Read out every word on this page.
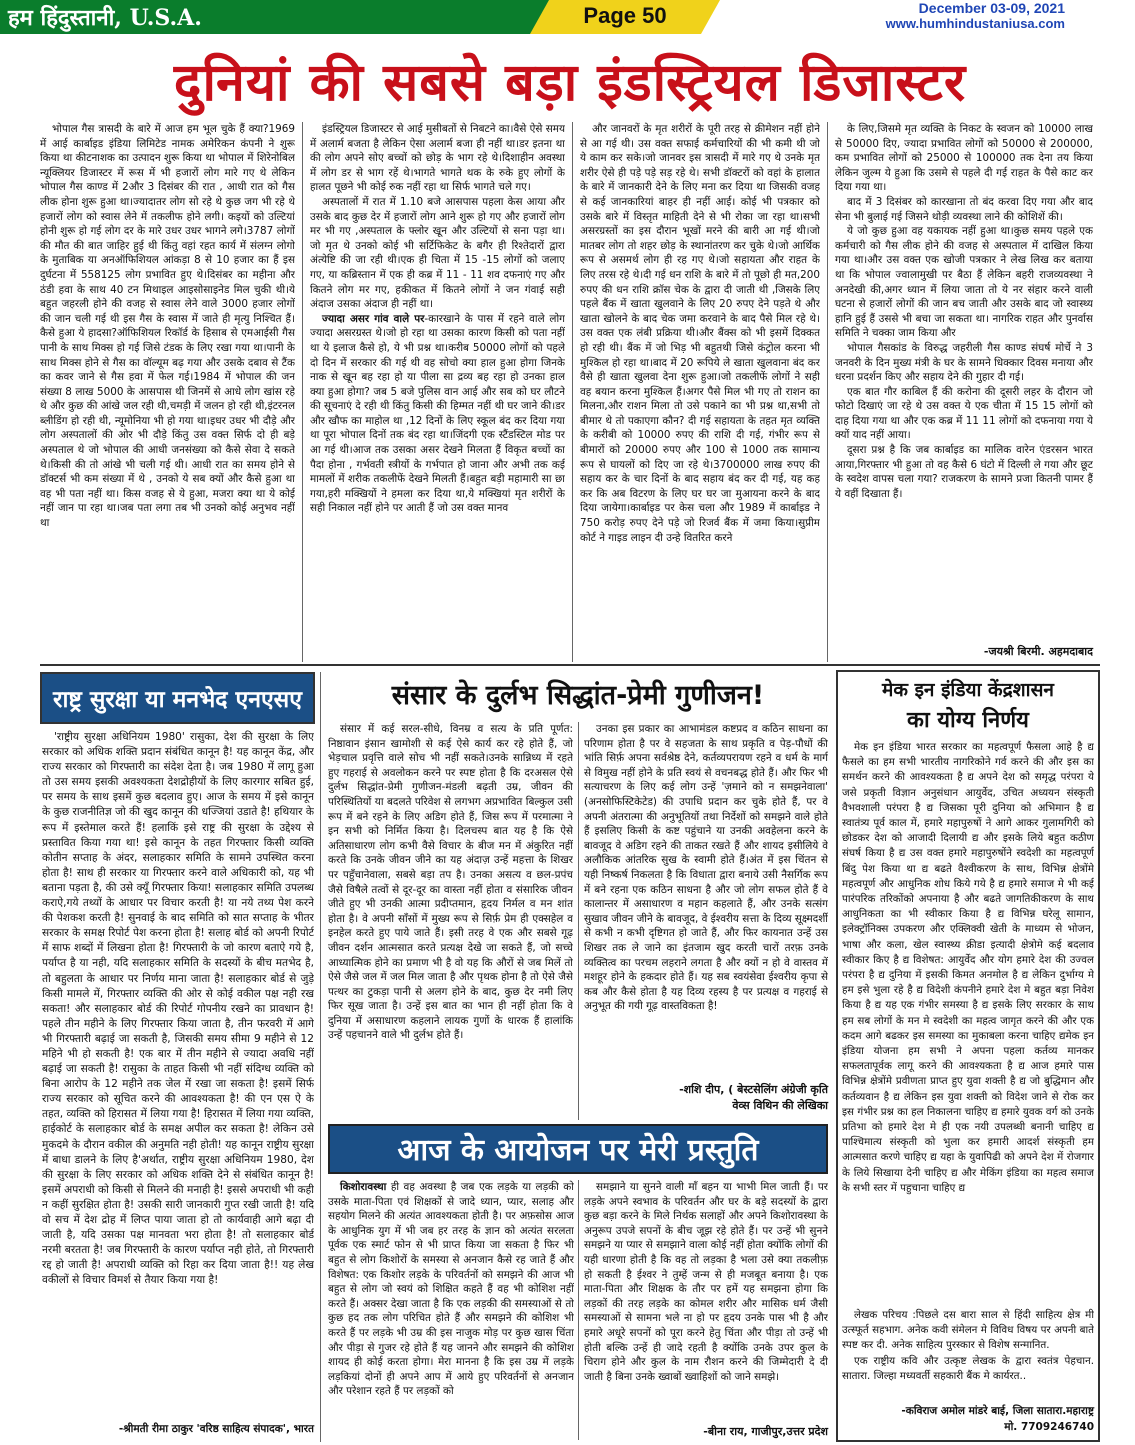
हम हिंदुस्तानी, U.S.A.	Page 50	December 03-09, 2021
www.humhindustaniusa.com
दुनियां की सबसे बड़ा इंडस्ट्रियल डिजास्टर

भोपाल गैस त्रासदी के बारे में आज हम भूल चुके हैं क्या?1969 में आई कार्बाइड इंडिया लिमिटेड नामक अमेरिकन कंपनी ने शुरू किया था कीटनाशक का उत्पादन शुरू किया था भोपाल में शिरेनोबिल न्यूक्लियर डिजास्टर में रूस में भी हजारों लोग मारे गए थे लेकिन भोपाल गैस काण्ड में 2और 3 दिसंबर की रात , आधी रात को गैस लीक होना शुरू हुआ था।ज्यादातर लोग सो रहे थे कुछ जग भी रहे थे हजारों लोग को स्वास लेने में तकलीफ होने लगी। कइयों को उल्टियां होनी शुरू हो गई लोग दर के मारे उधर उधर भागने लगे।3787 लोगों की मौत की बात जाहिर हुई थी किंतु वहां रहत कार्य में संलग्न लोगो के मुताबिक या अनऑफिशियल आंकड़ा 8 से 10 हजार का हैं इस दुर्घटना में 558125 लोग प्रभावित हुए थे।दिसंबर का महीना और ठंडी हवा के साथ 40 टन मिथाइल आइसोसाइनेड मिल चुकी थी।ये बहुत जहरली होने की वजह से स्वास लेने वाले 3000 हजार लोगों की जान चली गई थी इस गैस के स्वास में जाते ही मृत्यु निश्चित हैं। कैसे हुआ ये हादसा?ऑफिशियल रिकॉर्ड के हिसाब से एमआईसी गैस पानी के साथ मिक्स हो गई जिसे टंडक के लिए रखा गया था।पानी के साथ मिक्स होने से गैस का वॉल्यूम बढ़ गया और उसके दबाव से टैंक का कवर जाने से गैस हवा में फेल गई।1984 में भोपाल की जन संख्या 8 लाख 5000 के आसपास थी जिनमें से आधे लोग खांस रहे थे और कुछ की आंखे जल रही थी,चमड़ी में जलन हो रही थी,इंटरनल ब्लीडिंग हो रही थी, न्यूमोनिया भी हो गया था।इधर उधर भी दौड़े और लोग अस्पतालों की ओर भी दौड़े किंतु उस वक्त सिर्फ दो ही बड़े अस्पताल थे जो भोपाल की आधी जनसंख्या को कैसे सेवा दे सकते थे।किसी की तो आंखे भी चली गई थी। आधी रात का समय होने से डॉक्टर्स भी कम संख्या में थे , उनको ये सब क्यों और कैसे हुआ था वह भी पता नहीं था। किस वजह से ये हुआ, मजरा क्या था ये कोई नहीं जान पा रहा था।जब पता लगा तब भी उनको कोई अनुभव नहीं था

इंडस्ट्रियल डिजास्टर से आई मुसीबतों से निबटने का।वैसे ऐसे समय में अलार्म बजता है लेकिन ऐसा अलार्म बजा ही नहीं था।डर इतना था की लोग अपने सोए बच्चों को छोड़ के भाग रहे थे।दिशाहीन अवस्था में लोग डर से भाग रहें थे।भागते भागते थक के रुके हुए लोगों के हालत पूछने भी कोई रुक नहीं रहा था सिर्फ भागते चले गए।

अस्पतालों में रात में 1.10 बजे आसपास पहला केस आया और उसके बाद कुछ देर में हजारों लोग आने शुरू हो गए और हजारों लोग मर भी गए ,अस्पताल के फ्लोर खून और उल्टियों से सना पड़ा था। जो मृत थे उनको कोई भी सर्टिफिकेट के बगैर ही रिश्तेदारों द्वारा अंत्येष्टि की जा रही थी।एक ही चिता में 15 -15 लोगों को जलाए गए, या कब्रिस्तान में एक ही कब्र में 11 - 11 शव दफनाएं गए और कितने लोग मर गए, हकीकत में कितने लोगों ने जन गंवाई सही अंदाज उसका अंदाज ही नहीं था।

ज्यादा असर गांव वाले पर-कारखाने के पास में रहने वाले लोग ज्यादा असरग्रस्त थे।जो हो रहा था उसका कारण किसी को पता नहीं था ये इलाज कैसे हो, ये भी प्रश्न था।करीब 50000 लोगों को पहले दो दिन में सरकार की गई थी वह सोचो क्या हाल हुआ होगा जिनके नाक से खून बह रहा हो या पीला सा द्रव्य बह रहा हो उनका हाल क्या हुआ होगा? जब 5 बजे पुलिस वान आई और सब को घर लौटने की सूचनाएं दे रही थी किंतु किसी की हिम्मत नहीं थी घर जाने की।डर और खौफ का माहोल था ,12 दिनों के लिए स्कूल बंद कर दिया गया था पूरा भोपाल दिनों तक बंद रहा था।जिंदगी एक स्टैंडस्टिल मोड पर आ गई थी।आज तक उसका असर देखने मिलता हैं विकृत बच्चों का पैदा होना , गर्भवती स्त्रीयों के गर्भपात हो जाना और अभी तक कई मामलों में शरीक तकलीफें देखने मिलती हैं।बहुत बड़ी महामारी सा छा गया,हरी मक्खियों ने हमला कर दिया था,ये मक्खियां मृत शरीरों के सही निकाल नहीं होने पर आती हैं जो उस वक्त मानव

और जानवरों के मृत शरीरों के पूरी तरह से क्रीमेशन नहीं होने से आ गई थी। उस वक्त सफाई कर्मचारियों की भी कमी थी जो ये काम कर सके।जो जानवर इस त्रासदी में मारे गए थे उनके मृत शरीर ऐसे ही पड़े पड़े सड़ रहे थे। सभी डॉक्टरों को वहां के हालात के बारे में जानकारी देने के लिए मना कर दिया था जिसकी वजह से कई जानकारियां बाहर ही नहीं आई। कोई भी पत्रकार को उसके बारे में विस्तृत माहिती देने से भी रोका जा रहा था।सभी असरग्रस्तों का इस दौरान भूखों मरने की बारी आ गई थी।जो मातबर लोग तो शहर छोड़ के स्थानांतरण कर चुके थे।जो आर्थिक रूप से असमर्थ लोग ही रह गए थे।जो सहायता और राहत के लिए तरस रहे थे।दी गई धन राशि के बारे में तो पूछो ही मत,200 रुपए की धन राशि क्रॉस चेक के द्वारा दी जाती थी ,जिसके लिए पहले बैंक में खाता खुलवाने के लिए 20 रुपए देने पड़ते थे और खाता खोलने के बाद चेक जमा करवाने के बाद पैसे मिल रहे थे। उस वक्त एक लंबी प्रक्रिया थी।और बैंक्स को भी इसमें दिक्कत हो रही थी। बैंक में जो भिड़ भी बहुतथी जिसे कंट्रोल करना भी मुश्किल हो रहा था।बाद में 20 रूपिये ले खाता खुलवाना बंद कर वैसे ही खाता खुलवा देना शुरू हुआ।जो तकलीफें लोगों ने सही वह बयान करना मुश्किल हैं।अगर पैसे मिल भी गए तो राशन का मिलना,और राशन मिला तो उसे पकाने का भी प्रश्न था,सभी तो बीमार थे तो पकाएगा कौन? दी गई सहायता के तहत मृत व्यक्ति के करीबी को 10000 रुपए की राशि दी गई, गंभीर रूप से बीमारों को 20000 रुपए और 100 से 1000 तक सामान्य रूप से घायलों को दिए जा रहे थे।3700000 लाख रुपए की सहाय कर के चार दिनों के बाद सहाय बंद कर दी गई, यह कह कर कि अब विटरण के लिए घर घर जा मुआयना करने के बाद दिया जायेगा।कार्बाइड पर केस चला और 1989 में कार्बाइड ने 750 करोड़ रुपए देने पड़े जो रिजर्व बैंक में जमा किया।सुप्रीम कोर्ट ने गाइड लाइन दी उन्हे वितरित करने

के लिए,जिसमे मृत व्यक्ति के निकट के स्वजन को 10000 लाख से 50000 दिए, ज्यादा प्रभावित लोगों को 50000 से 200000, कम प्रभावित लोगों को 25000 से 100000 तक देना तय किया लेकिन जुल्म ये हुआ कि उसमे से पहले दी गई राहत के पैसे काट कर दिया गया था।

बाद में 3 दिसंबर को कारखाना तो बंद करवा दिए गया और बाद सेना भी बुलाई गई जिसने थोड़ी व्यवस्था लाने की कोशिशें की।

ये जो कुछ हुआ वह यकायक नहीं हुआ था।कुछ समय पहले एक कर्मचारी को गैस लीक होने की वजह से अस्पताल में दाखिल किया गया था।और उस वक्त एक खोजी पत्रकार ने लेख लिख कर बताया था कि भोपाल ज्वालामुखी पर बैठा हैं लेकिन बहरी राजव्यवस्था ने अनदेखी की,अगर ध्यान में लिया जाता तो ये नर संहार करने वाली घटना से हजारों लोगों की जान बच जाती और उसके बाद जो स्वास्थ्य हानि हुई हैं उससे भी बचा जा सकता था। नागरिक राहत और पुनर्वास समिति ने चक्का जाम किया और

भोपाल गैसकांड के विरुद्ध जहरीली गैस काण्ड संघर्ष मोर्चे ने 3 जनवरी के दिन मुख्य मंत्री के घर के सामने धिक्कार दिवस मनाया और धरना प्रदर्शन किए और सहाय देने की गुहार दी गई।

एक बात गौर काबिल हैं की करोना की दूसरी लहर के दौरान जो फोटो दिखाएं जा रहे थे उस वक्त ये एक चीता में 15 15 लोगों को दाह दिया गया था और एक कब्र में 11 11 लोगों को दफनाया गया ये क्यों याद नहीं आया।

दूसरा प्रश्न है कि जब कार्बाइड का मालिक वारेन एंडरसन भारत आया,गिरफ्तार भी हुआ तो वह कैसे 6 घंटो में दिल्ली ले गया और छूट के स्वदेश वापस चला गया? राजकरण के सामने प्रजा कितनी पामर हैं ये वहीं दिखाता हैं।

-जयश्री बिरमी. अहमदाबाद
राष्ट्र सुरक्षा या मनभेद एनएसए

'राष्ट्रीय सुरक्षा अधिनियम 1980' रासुका, देश की सुरक्षा के लिए सरकार को अधिक शक्ति प्रदान संबंधित कानून है! यह कानून केंद्र, और राज्य सरकार को गिरफ्तारी का संदेश देता है। जब 1980 में लागू हुआ तो उस समय इसकी अवश्यकता देशद्रोहीयों के लिए कारगार सबित हुई, पर समय के साथ इसमें कुछ बदलाव हुए। आज के समय में इसे कानून के कुछ राजनीतिज्ञ जो की खुद कानून की धज्जियां उडाते है! हथियार के रूप में इस्तेमाल करते हैं! हलाकिं इसे राष्ट्र की सुरक्षा के उद्देश्य से प्रस्तावित किया गया था! इसे कानून के तहत गिरफ्तार किसी व्यक्ति कोतीन सप्ताह के अंदर, सलाहकार समिति के सामने उपस्थित करना होता है! साथ ही सरकार या गिरफ्तार करने वाले अधिकारी को, यह भी बताना पड़ता है, की उसे क्यूँ गिरफ्तार किया! सलाहकार समिति उपलब्ध कराऐ,गये तथ्यों के आधार पर विचार करती है! या नये तथ्य पेश करने की पेशकश करती है! सुनवाई के बाद समिति को सात सप्ताह के भीतर सरकार के समक्ष रिपोर्ट पेश करना होता है! सलाह बोर्ड को अपनी रिपोर्ट में साफ शब्दों में लिखना होता है! गिरफ्तारी के जो कारण बताऐ गये है, पर्याप्त है या नही, यदि सलाहकार समिति के सदस्यों के बीच मतभेद है, तो बहुलता के आधार पर निर्णय माना जाता है! सलाहकार बोर्ड से जुड़े किसी मामले में, गिरफ्तार व्यक्ति की ओर से कोई वकील पक्ष नही रख सकता! और सलाहकार बोर्ड की रिपोर्ट गोपनीय रखने का प्रावधान है! पहले तीन महीने के लिए गिरफ्तार किया जाता है, तीन फरवरी में आगे भी गिरफ्तारी बढ़ाई जा सकती है, जिसकी समय सीमा 9 महीने से 12 महिने भी हो सकती है! एक बार में तीन महीने से ज्यादा अवधि नहीं बढ़ाई जा सकती है! रासुका के ताहत किसी भी नहीं संदिग्ध व्यक्ति को बिना आरोप के 12 महीने तक जेल में रखा जा सकता है! इसमें सिर्फ राज्य सरकार को सूचित करने की आवश्यकता है! की एन एस ऐ के तहत, व्यक्ति को हिरासत में लिया गया है! हिरासत में लिया गया व्यक्ति, हाईकोर्ट के सलाहकार बोर्ड के समक्ष अपील कर सकता है! लेकिन उसे मुकदमे के दौरान वकील की अनुमति नही होती! यह कानून राष्ट्रीय सुरक्षा में बाधा डालने के लिए है'अर्थात, राष्ट्रीय सुरक्षा अधिनियम 1980, देश की सुरक्षा के लिए सरकार को अधिक शक्ति देने से संबंधित कानून है! इसमें अपराधी को किसी से मिलने की मनाही है! इससे अपराधी भी कही न कहीं सुरक्षित होता है! उसकी सारी जानकारी गुप्त रखी जाती है! यदि वो सच में देश द्रोह में लिप्त पाया जाता हो तो कार्यवाही आगे बढ़ा दी जाती है, यदि उसका पक्ष मानवता भरा होता है! तो सलाहकार बोर्ड नरमी बरतता है! जब गिरफ्तारी के कारण पर्याप्त नही होते, तो गिरफ्तारी रद्द हो जाती है! अपराधी व्यक्ति को रिहा कर दिया जाता है!! यह लेख वकीलों से विचार विमर्श से तैयार किया गया है!

-श्रीमती रीमा ठाकुर 'वरिष्ठ साहित्य संपादक', भारत
संसार के दुर्लभ सिद्धांत-प्रेमी गुणीजन!

संसार में कई सरल-सीधे, विनम्र व सत्य के प्रति पूर्णत: निष्ठावान इंसान खामोशी से कई ऐसे कार्य कर रहे होते हैं, जो भेड़चाल प्रवृत्ति वाले सोच भी नहीं सकते।उनके सान्निध्य में रहते हुए गहराई से अवलोकन करने पर स्पष्ट होता है कि दरअसल ऐसे दुर्लभ सिद्धांत-प्रेमी गुणीजन-मंडली बढ़ती उम्र, जीवन की परिस्थितियों या बदलते परिवेश से लगभग अप्रभावित बिल्कुल उसी रूप में बने रहने के लिए अडिग होते हैं, जिस रूप में परमात्मा ने इन सभी को निर्मित किया है। दिलचस्प बात यह है कि ऐसे अतिसाधारण लोग कभी वैसे विचार के बीज मन में अंकुरित नहीं करते कि उनके जीवन जीने का यह अंदाज़ उन्हें महत्ता के शिखर पर पहुँचानेवाला, सबसे बड़ा तप है। उनका असत्य व छल-प्रपंच जैसे विषैले तत्वों से दूर-दूर का वास्ता नहीं होता व संसारिक जीवन जीते हुए भी उनकी आत्मा प्रदीप्तमान, हृदय निर्मल व मन शांत होता है। वे अपनी साँसों में मुख्य रूप से सिर्फ़ प्रेम ही एक्सहेल व इनहेल करते हुए पाये जाते हैं। इसी तरह वे एक और सबसे गूढ़ जीवन दर्शन आत्मसात करते प्रत्यक्ष देखे जा सकते हैं, जो सच्चे आध्यात्मिक होने का प्रमाण भी है वो यह कि औरों से जब मिलें तो ऐसे जैसे जल में जल मिल जाता है और पृथक होना है तो ऐसे जैसे पत्थर का टुकड़ा पानी से अलग होने के बाद, कुछ देर नमी लिए फिर सूख जाता है। उन्हें इस बात का भान ही नहीं होता कि वे दुनिया में असाधारण कहलाने लायक गुणों के धारक हैं हालांकि उन्हें पहचानने वाले भी दुर्लभ होते हैं।

उनका इस प्रकार का आभामंडल कष्टप्रद व कठिन साधना का परिणाम होता है पर वे सहजता के साथ प्रकृति व पेड़-पौधों की भांति सिर्फ़ अपना सर्वश्रेष्ठ देने, कर्तव्यपरायण रहने व धर्म के मार्ग से विमुख नहीं होने के प्रति स्वयं से वचनबद्ध होते हैं। और फिर भी सत्याचरण के लिए कई लोग उन्हें 'ज़माने को न समझनेवाला' (अनसोफिस्टिकेटेड) की उपाधि प्रदान कर चुके होते हैं, पर वे अपनी अंतरात्मा की अनुभूतियों तथा निर्देशों को समझने वाले होते हैं इसलिए किसी के कष्ट पहुंचाने या उनकी अवहेलना करने के बावजूद वे अडिग रहने की ताकत रखते हैं और शायद इसीलिये वे अलौकिक आंतरिक सुख के स्वामी होते हैं।अंत में इस चिंतन से यही निष्कर्ष निकलता है कि विधाता द्वारा बनाये उसी नैसर्गिक रूप में बने रहना एक कठिन साधना है और जो लोग सफल होते हैं वे कालान्तर में असाधारण व महान कहलाते हैं, और उनके सत्संग सुखाव जीवन जीने के बावजूद, वे ईश्वरीय सत्ता के दिव्य सूक्ष्मदर्शी से कभी न कभी दृष्टिगत हो जाते हैं, और फिर कायनात उन्हें उस शिखर तक ले जाने का इंतजाम खुद करती चारों तरफ़ उनके व्यक्तित्व का परचम लहराने लगता है और क्यों न हो वे वास्तव में मशहूर होने के हकदार होते हैं। यह सब स्वयंसेवा ईश्वरीय कृपा से कब और कैसे होता है यह दिव्य रहस्य है पर प्रत्यक्ष व गहराई से अनुभूत की गयी गूढ़ वास्तविकता है!

-शशि दीप, ( बेस्टसेलिंग अंग्रेजी कृति
वेव्स विथिन की लेखिका
आज के आयोजन पर मेरी प्रस्तुति

किशोरावस्था ही वह अवस्था है जब एक लड़के या लड़की को उसके माता-पिता एवं शिक्षकों से जादे ध्यान, प्यार, सलाह और सहयोग मिलने की अत्यंत आवश्यकता होती है। पर अफ़सोस आज के आधुनिक युग में भी जब हर तरह के ज्ञान को अत्यंत सरलता पूर्वक एक स्मार्ट फोन से भी प्राप्त किया जा सकता है फिर भी बहुत से लोग किशोरों के समस्या से अनजान कैसे रह जाते हैं और विशेषत: एक किशोर लड़के के परिवर्तनों को समझने की आज भी बहुत से लोग जो स्वयं को शिक्षित कहते हैं वह भी कोशिश नहीं करते हैं। अक्सर देखा जाता है कि एक लड़की की समस्याओं से तो कुछ हद तक लोग परिचित होते हैं और समझने की कोशिश भी करते हैं पर लड़के भी उम्र की इस नाजुक मोड़ पर कुछ खास चिंता और पीड़ा से गुजर रहे होते हैं यह जानने और समझने की कोशिश शायद ही कोई करता होगा। मेरा मानना है कि इस उम्र में लड़के लड़कियां दोनों ही अपने आप में आये हुए परिवर्तनों से अनजान और परेशान रहते हैं पर लड़कों को

समझाने या सुनने वाली माँ बहन या भाभी मिल जाती हैं। पर लड़के अपने स्वभाव के परिवर्तन और घर के बड़े सदस्यों के द्वारा कुछ बड़ा करने के मिले निर्थक सलाहों और अपने किशोरावस्था के अनुरूप उपजे सपनों के बीच जूझ रहे होते हैं। पर उन्हें भी सुनने समझने या प्यार से समझाने वाला कोई नहीं होता क्योंकि लोगों की यही धारणा होती है कि वह तो लड़का है भला उसे क्या तकलीफ़ हो सकती है ईश्वर ने तुम्हें जन्म से ही मजबूत बनाया है। एक माता-पिता और शिक्षक के तौर पर हमें यह समझना होगा कि लड़कों की तरह लड़के का कोमल शरीर और मासिक धर्म जैसी समस्याओं से सामना भले ना हो पर हृदय उनके पास भी है और हमारे अधूरे सपनों को पूरा करने हेतु चिंता और पीड़ा तो उन्हें भी होती बल्कि उन्हें ही जादे रहती है क्योंकि उनके उपर कुल के चिराग होने और कुल के नाम रौशन करने की जिम्मेदारी दे दी जाती है बिना उनके ख्वाबों ख्वाहिशों को जाने समझे।

-बीना राय, गाजीपुर,उत्तर प्रदेश
मेक इन इंडिया केंद्रशासन
का योग्य निर्णय

मेक इन इंडिया भारत सरकार का महत्वपूर्ण फैसला आहे है द्य फैसले का हम सभी भारतीय नागरिकोने गर्व करने की और इस का समर्थन करने की आवश्यकता है द्य अपने देश को समृद्ध परंपरा ये जसे प्रकृती विज्ञान अनुसंधान आयुर्वेद, उचित अध्ययन संस्कृती वैभवशाली परंपरा है द्य जिसका पूरी दुनिया को अभिमान है द्य स्वातंत्र्य पूर्व काल में, हमारे महापुरुषों ने आगे आकर गुलामगिरी को छोडकर देश को आजादी दिलायी द्य और इसके लिये बहुत कठीण संघर्ष किया है द्य उस वक्त हमारे महापुरुषोंने स्वदेशी का महत्वपूर्ण बिंदु पेश किया था द्य बढते वैश्वीकरण के साथ, विभिन्न क्षेत्रोंमे महत्वपूर्ण और आधुनिक शोध किये गये है द्य हमारे समाज मे भी कई पारंपरिक तरिकोंको अपनाया है और बढते जागतिकीकरण के साथ आधुनिकता का भी स्वीकार किया है द्य विभिन्न घरेलू सामान, इलेक्ट्रॉनिक्स उपकरण और एक्लिक्वी खेती के माध्यम से भोजन, भाषा और कला, खेल स्वास्थ्य क्रीडा इत्यादी क्षेत्रोमे कई बदलाव स्वीकार किए है द्य विशेषत: आयुर्वेद और योग हमारे देश की उज्वल परंपरा है द्य दुनिया में इसकी किमत अनमोल है द्य लेकिन दुर्भाग्य मे हम इसे भुला रहे है द्य विदेशी कंपनीने हमारे देश मे बहुत बड़ा निवेश किया है द्य यह एक गंभीर समस्या है द्य इसके लिए सरकार के साथ हम सब लोगों के मन मे स्वदेशी का महत्व जागृत करने की और एक कदम आगे बढकर इस समस्या का मुकाबला करना चाहिए द्यमेक इन इंडिया योजना हम सभी ने अपना पहला कर्तव्य मानकर सफलतापूर्वक लागू करने की आवश्यकता है द्य आज हमारे पास विभिन्न क्षेत्रोंमे प्रवीणता प्राप्त हुए युवा शक्ती है द्य जो बुद्धिमान और कर्तव्यवान है द्य लेकिन इस युवा शक्ती को विदेश जाने से रोक कर इस गंभीर प्रश्न का हल निकालना चाहिए द्य हमारे युवक वर्ग को उनके प्रतिभा को हमारे देश मे ही एक नयी उपलब्धी बनानी चाहिए द्य पाश्चिमात्य संस्कृती को भुला कर हमारी आदर्श संस्कृती हम आत्मसात करणे चाहिए द्य यहा के युवापिढी को अपने देश में रोजगार के लिये सिखाया देनी चाहिए द्य और मेकिंग इंडिया का महत्व समाज के सभी स्तर में पहुचाना चाहिए द्य

लेखक परिचय :पिछले दस बारा साल से हिंदी साहित्य क्षेत्र मी उत्स्फूर्त सहभाग. अनेक कवी संमेलन मे विविध विषय पर अपनी बाते स्पष्ट कर दी. अनेक साहित्य पुरस्कार से विशेष सन्मानित.

एक राष्ट्रीय कवि और उत्कृष्ट लेखक के द्वारा स्वतंत्र पेहचान. सातारा. जिल्हा मध्यवर्ती सहकारी बैंक मे कार्यरत..

-कविराज अमोल मांडरे बाई, जिला सातारा.महाराष्ट्र
मो. 7709246740
